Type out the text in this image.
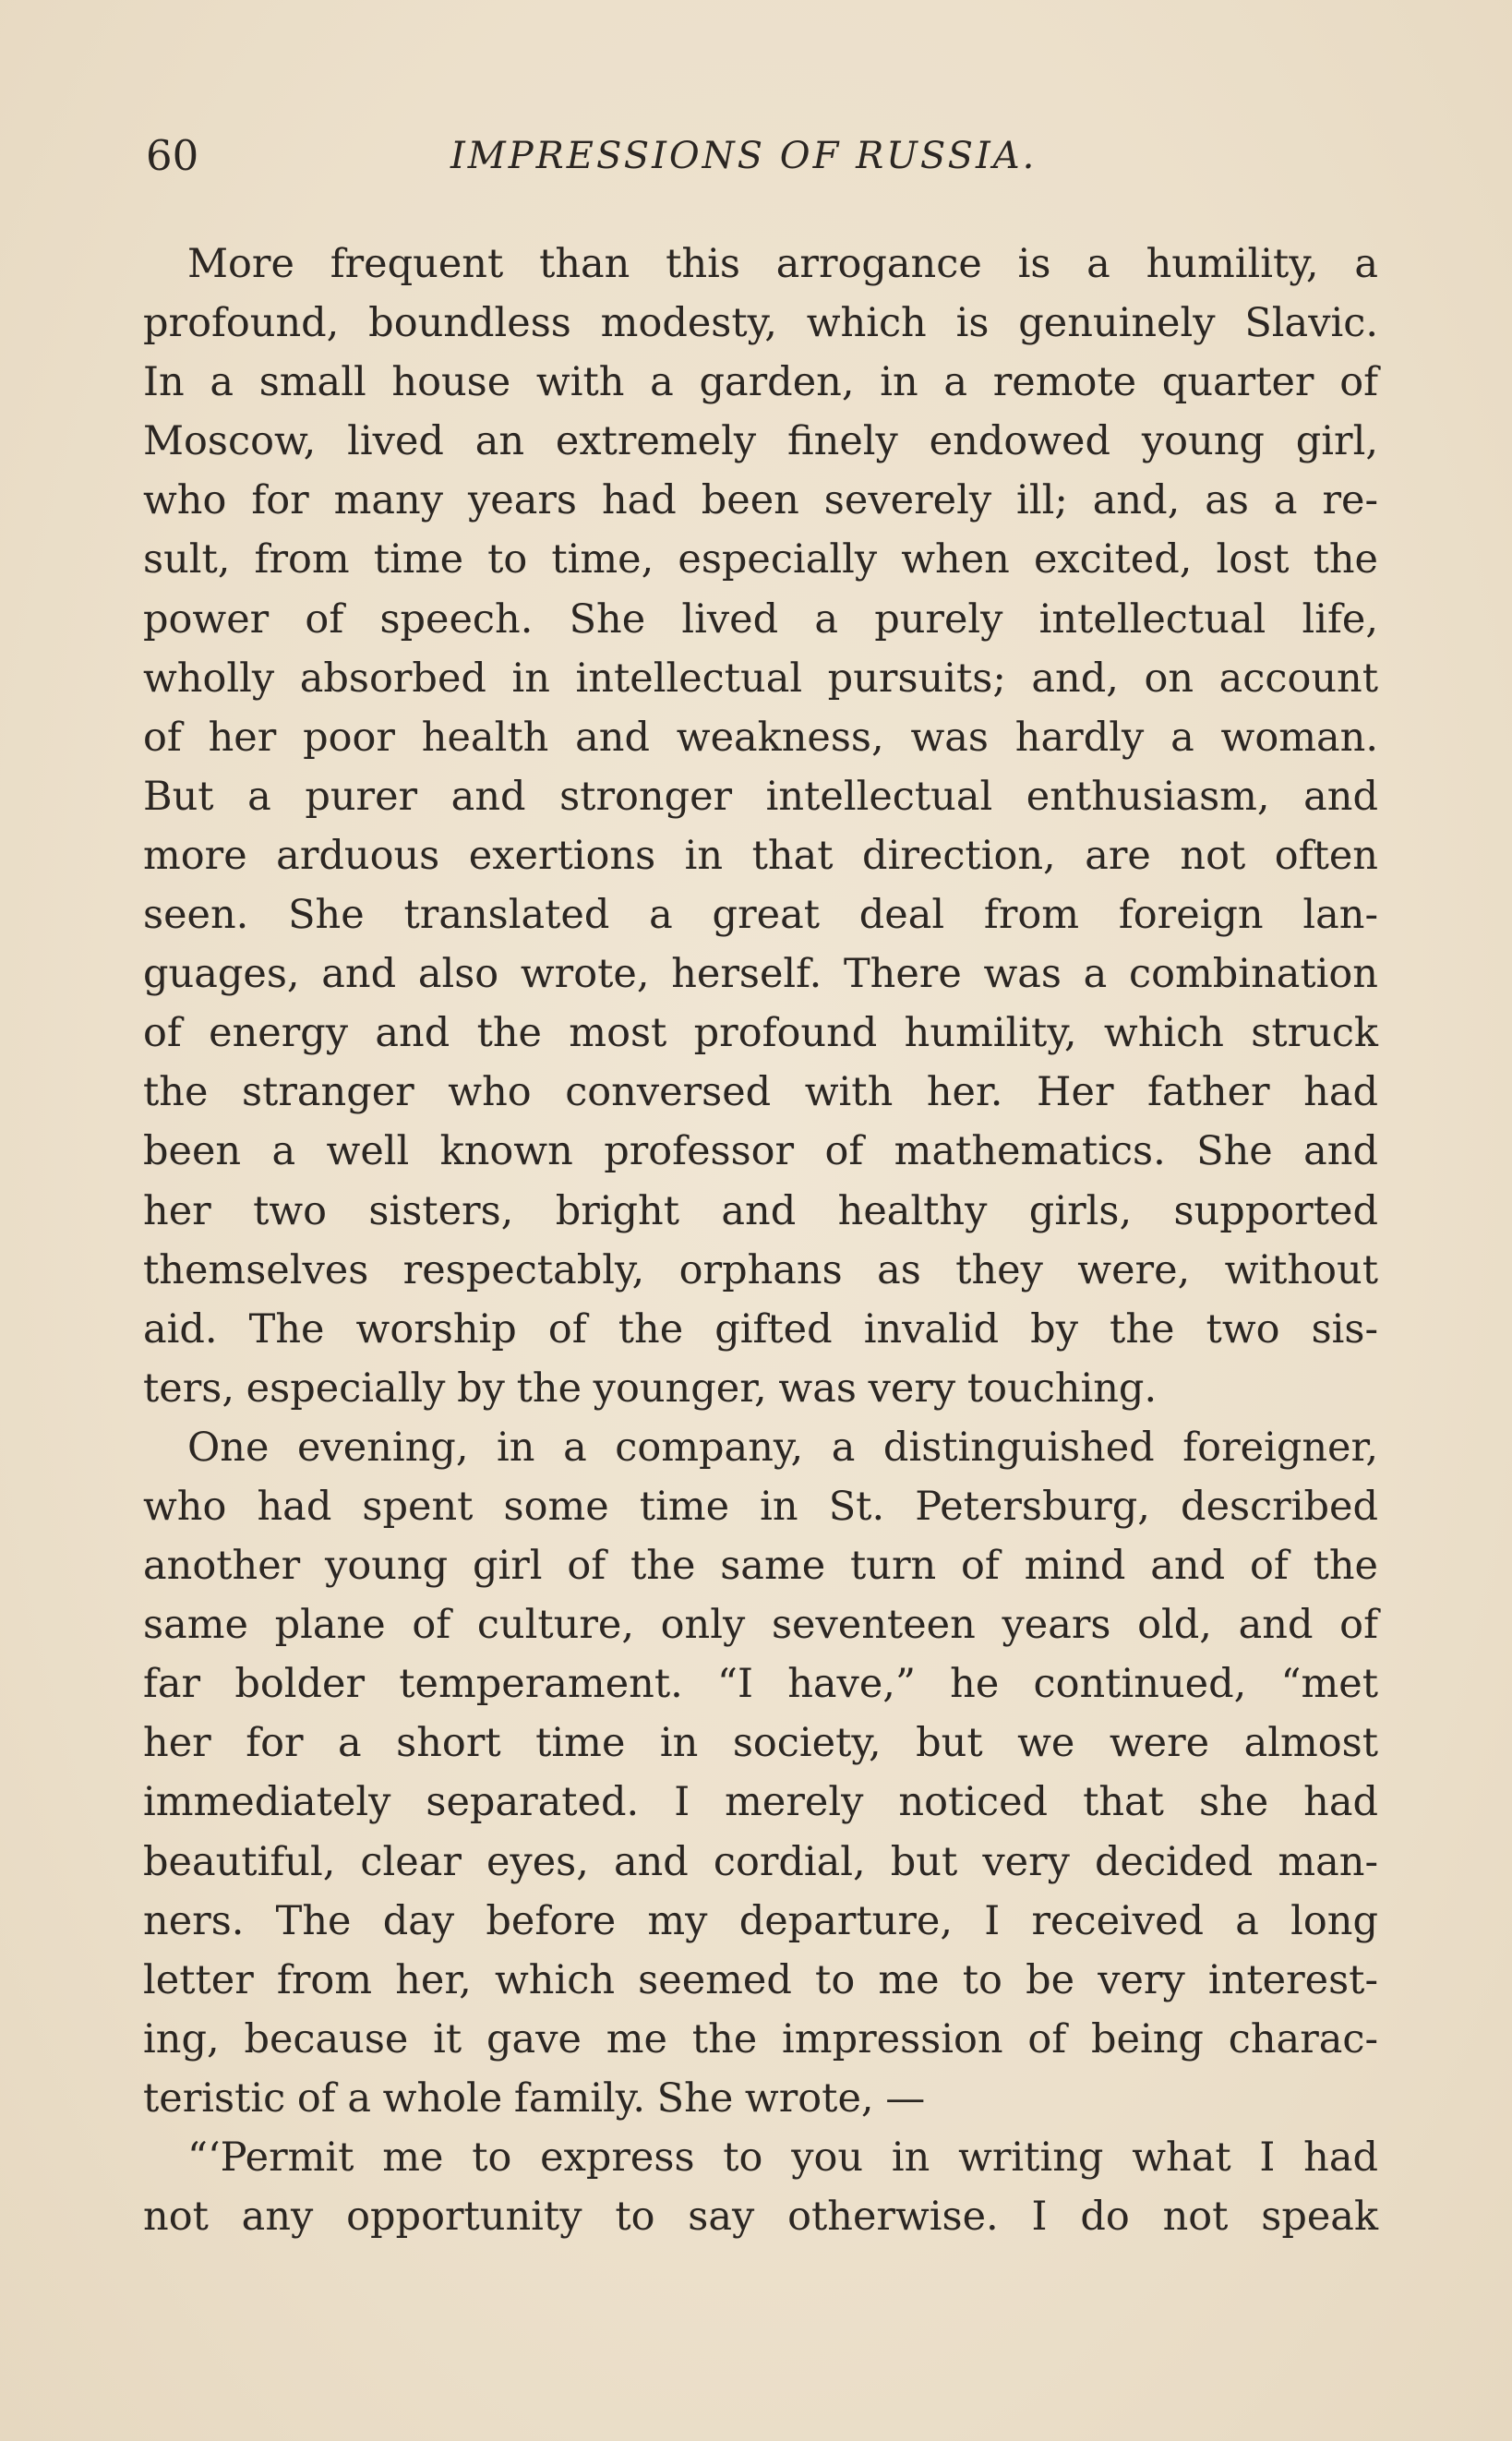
60	IMPRESSIONS OF RUSSIA.
More frequent than this arrogance is a humility, a
profound, boundless modesty, which is genuinely Slavic.
In a small house with a garden, in a remote quarter of
Moscow, lived an extremely finely endowed young girl,
who for many years had been severely ill; and, as a re-
sult, from time to time, especially when excited, lost the
power of speech. She lived a purely intellectual life,
wholly absorbed in intellectual pursuits; and, on account
of her poor health and weakness, was hardly a woman.
But a purer and stronger intellectual enthusiasm, and
more arduous exertions in that direction, are not often
seen. She translated a great deal from foreign lan-
guages, and also wrote, herself. There was a combination
of energy and the most profound humility, which struck
the stranger who conversed with her. Her father had
been a well known professor of mathematics. She and
her two sisters, bright and healthy girls, supported
themselves respectably, orphans as they were, without
aid. The worship of the gifted invalid by the two sis-
ters, especially by the younger, was very touching.
One evening, in a company, a distinguished foreigner,
who had spent some time in St. Petersburg, described
another young girl of the same turn of mind and of the
same plane of culture, only seventeen years old, and of
far bolder temperament. “I have,” he continued, “met
her for a short time in society, but we were almost
immediately separated. I merely noticed that she had
beautiful, clear eyes, and cordial, but very decided man-
ners. The day before my departure, I received a long
letter from her, which seemed to me to be very interest-
ing, because it gave me the impression of being charac-
teristic of a whole family. She wrote, —
“‘Permit me to express to you in writing what I had
not any opportunity to say otherwise. I do not speak
